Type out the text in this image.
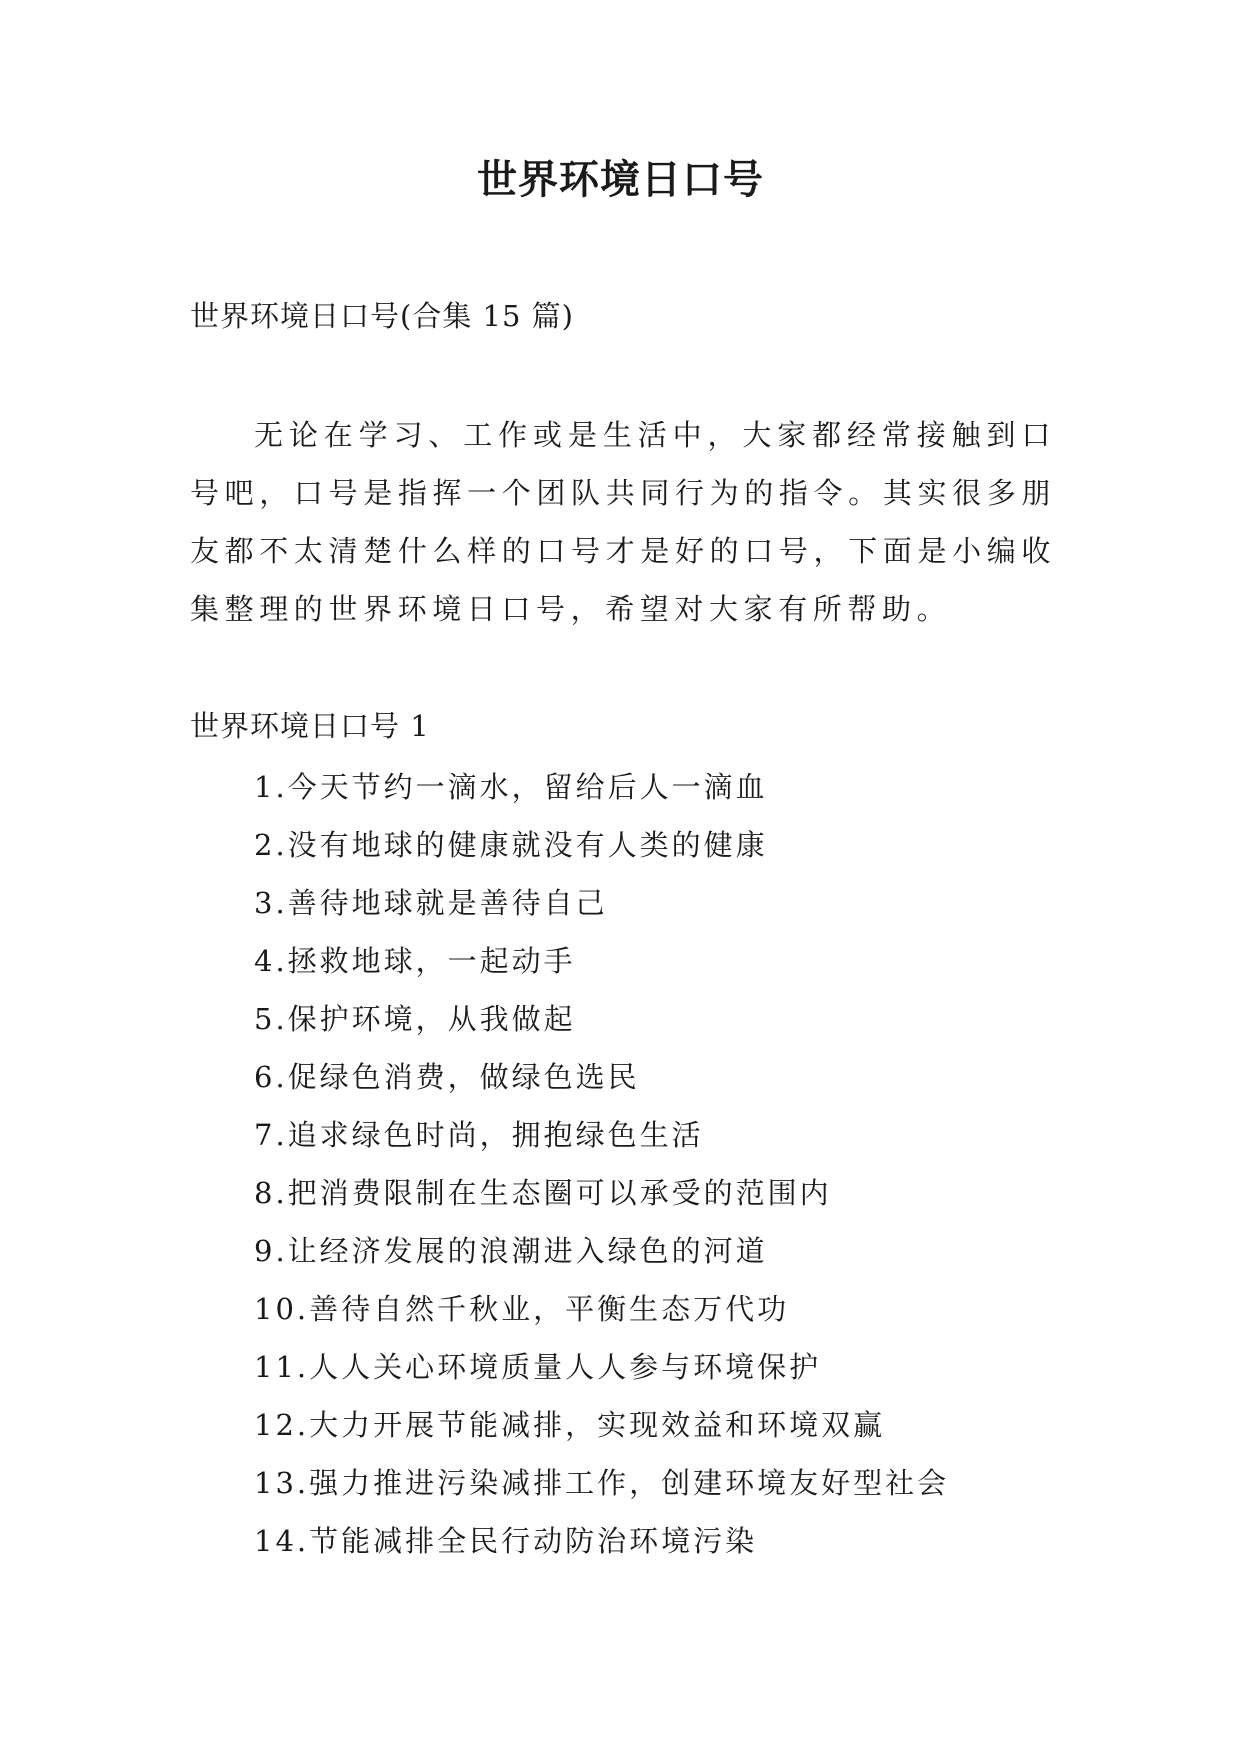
世界环境日口号

世界环境日口号(合集 15 篇)

无论在学习、工作或是生活中，大家都经常接触到口号吧，口号是指挥一个团队共同行为的指令。其实很多朋友都不太清楚什么样的口号才是好的口号，下面是小编收集整理的世界环境日口号，希望对大家有所帮助。

世界环境日口号 1

1.今天节约一滴水，留给后人一滴血
2.没有地球的健康就没有人类的健康
3.善待地球就是善待自己
4.拯救地球，一起动手
5.保护环境，从我做起
6.促绿色消费，做绿色选民
7.追求绿色时尚，拥抱绿色生活
8.把消费限制在生态圈可以承受的范围内
9.让经济发展的浪潮进入绿色的河道
10.善待自然千秋业，平衡生态万代功
11.人人关心环境质量人人参与环境保护
12.大力开展节能减排，实现效益和环境双赢
13.强力推进污染减排工作，创建环境友好型社会
14.节能减排全民行动防治环境污染
